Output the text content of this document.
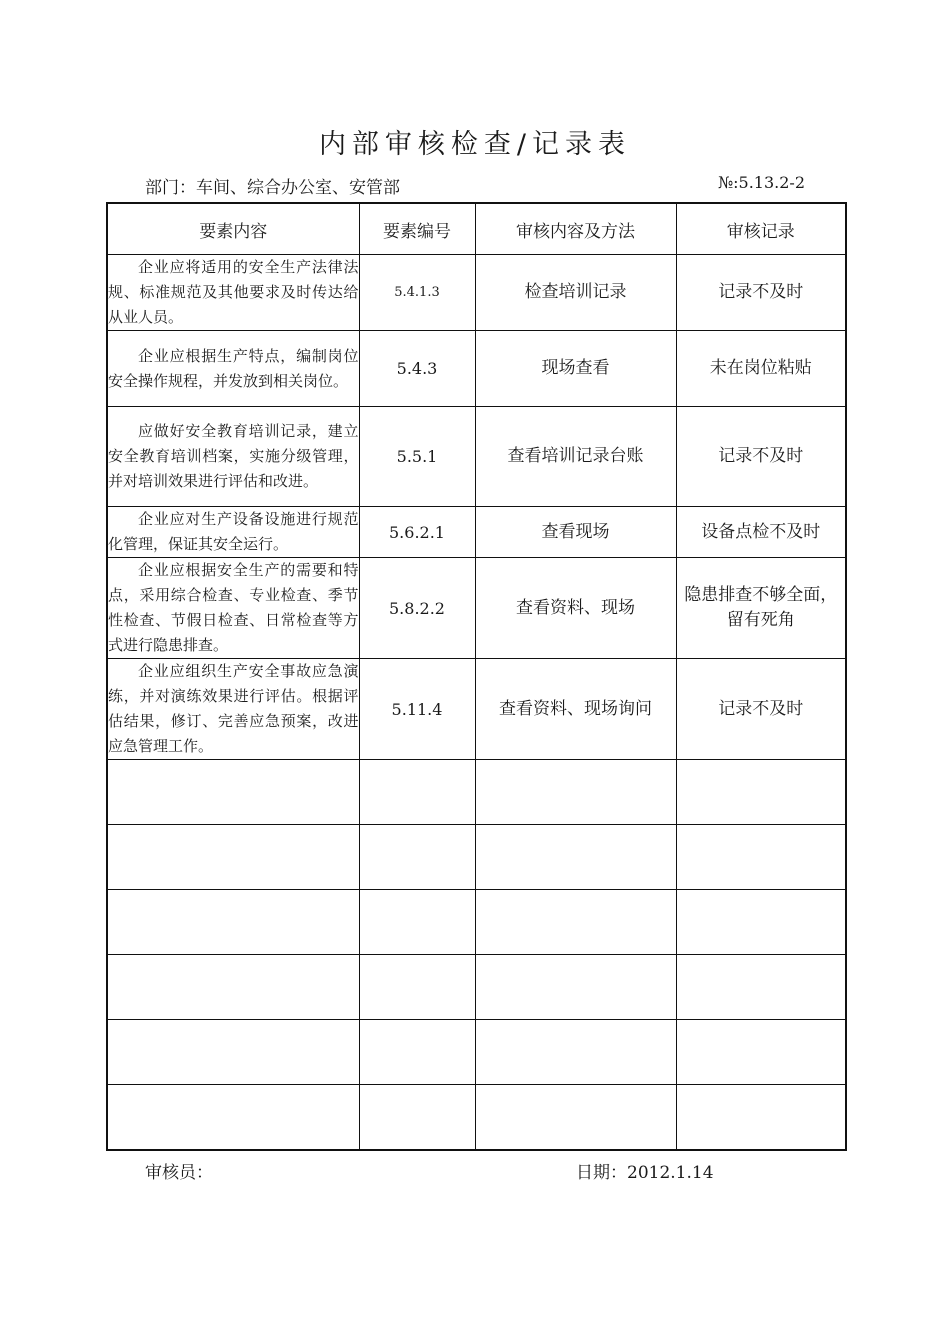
内部审核检查/记录表
部门：车间、综合办公室、安管部	№:5.13.2-2
要素内容	要素编号	审核内容及方法	审核记录

企业应将适用的安全生产法律法规、标准规范及其他要求及时传达给从业人员。	5.4.1.3	检查培训记录	记录不及时

企业应根据生产特点，编制岗位安全操作规程，并发放到相关岗位。	5.4.3	现场查看	未在岗位粘贴

应做好安全教育培训记录，建立安全教育培训档案，实施分级管理，并对培训效果进行评估和改进。	5.5.1	查看培训记录台账	记录不及时

企业应对生产设备设施进行规范化管理，保证其安全运行。	5.6.2.1	查看现场	设备点检不及时

企业应根据安全生产的需要和特点，采用综合检查、专业检查、季节性检查、节假日检查、日常检查等方式进行隐患排查。	5.8.2.2	查看资料、现场	隐患排查不够全面，留有死角

企业应组织生产安全事故应急演练，并对演练效果进行评估。根据评估结果，修订、完善应急预案，改进应急管理工作。	5.11.4	查看资料、现场询问	记录不及时

审核员：	日期：2012.1.14
